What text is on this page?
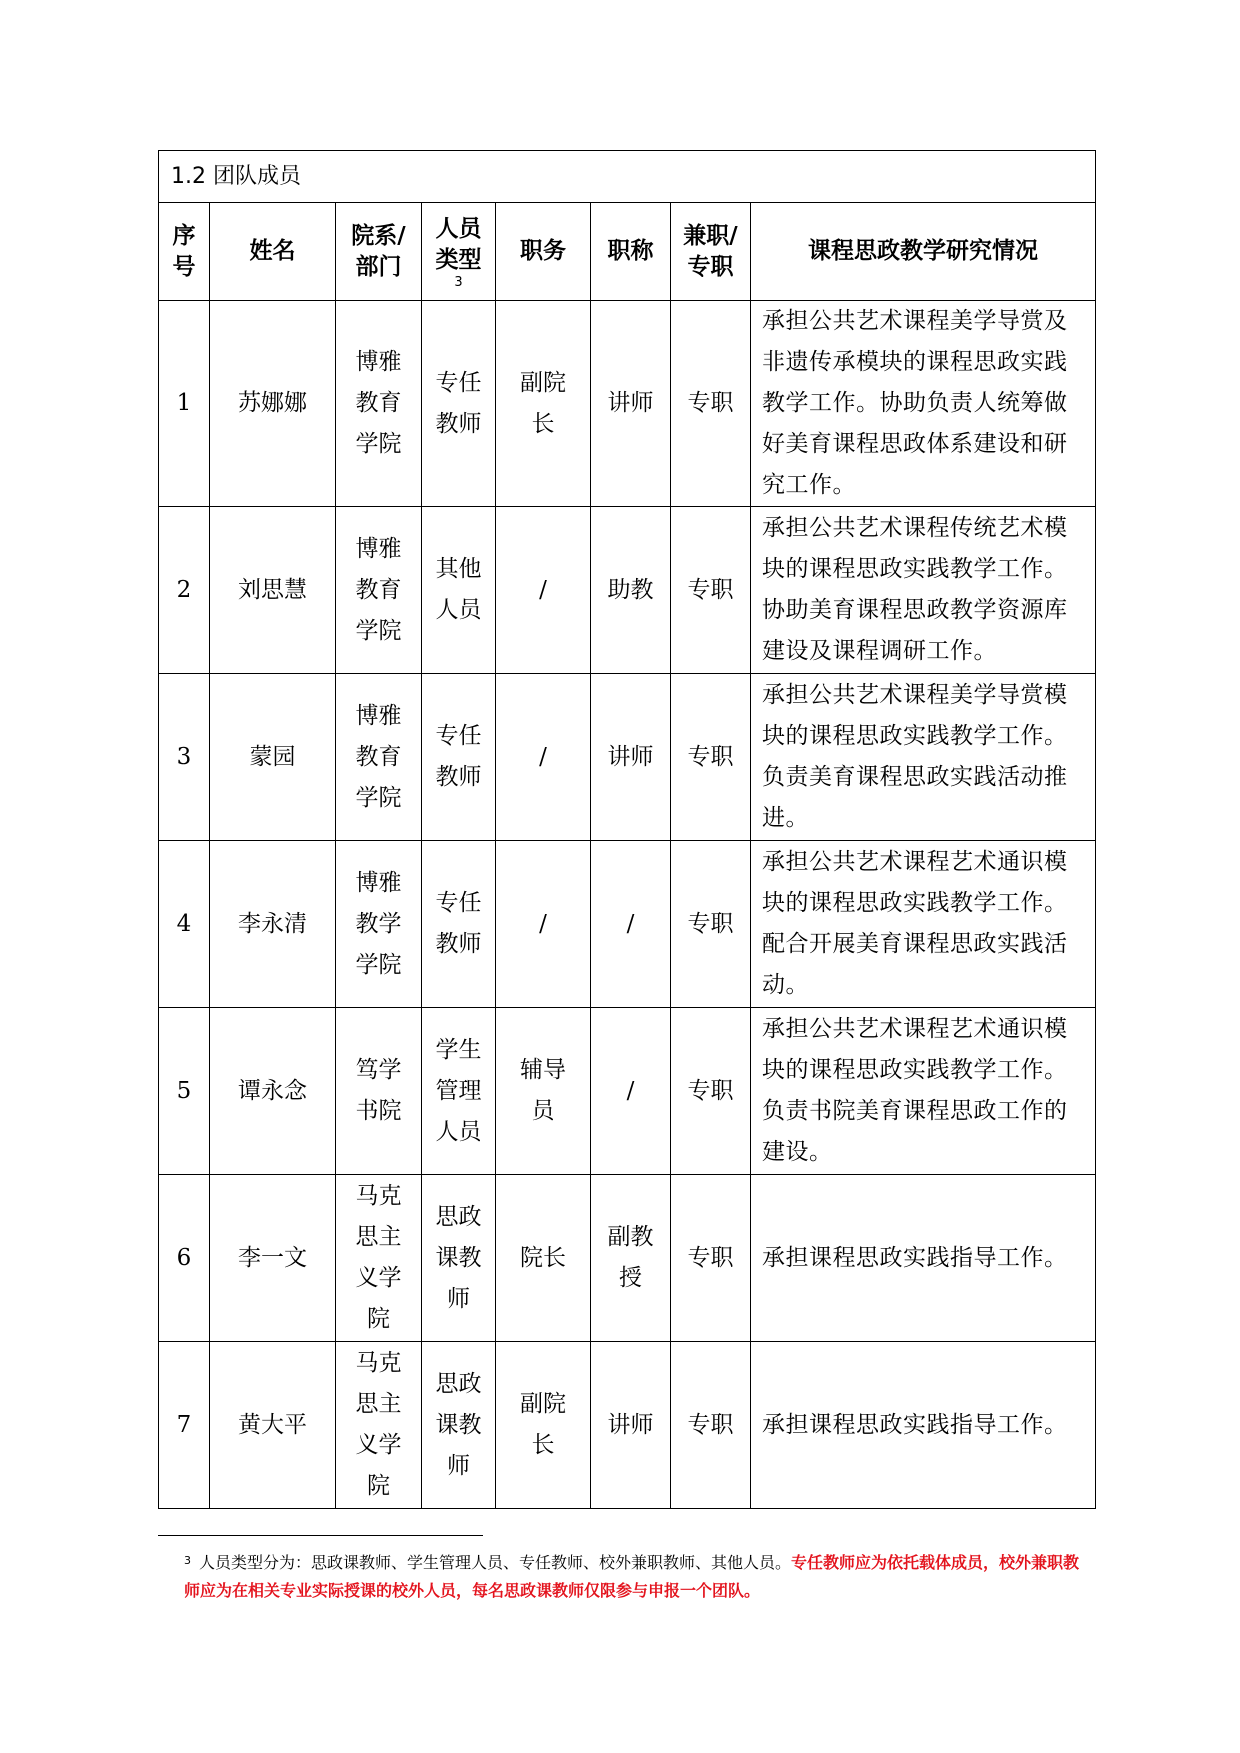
1.2 团队成员							
序
号	姓名	院系/
部门	人员
类型
3	职务	职称	兼职/
专职	课程思政教学研究情况
1	苏娜娜	博雅
教育
学院	专任
教师	副院
长	讲师	专职	承担公共艺术课程美学导赏及非遗传承模块的课程思政实践教学工作。协助负责人统筹做好美育课程思政体系建设和研究工作。
2	刘思慧	博雅
教育
学院	其他
人员	/	助教	专职	承担公共艺术课程传统艺术模块的课程思政实践教学工作。协助美育课程思政教学资源库建设及课程调研工作。
3	蒙园	博雅
教育
学院	专任
教师	/	讲师	专职	承担公共艺术课程美学导赏模块的课程思政实践教学工作。负责美育课程思政实践活动推进。
4	李永清	博雅
教学
学院	专任
教师	/	/	专职	承担公共艺术课程艺术通识模块的课程思政实践教学工作。配合开展美育课程思政实践活动。
5	谭永念	笃学
书院	学生
管理
人员	辅导
员	/	专职	承担公共艺术课程艺术通识模块的课程思政实践教学工作。负责书院美育课程思政工作的建设。
6	李一文	马克
思主
义学
院	思政
课教
师	院长	副教
授	专职	承担课程思政实践指导工作。
7	黄大平	马克
思主
义学
院	思政
课教
师	副院
长	讲师	专职	承担课程思政实践指导工作。
$^3$ 人员类型分为：思政课教师、学生管理人员、专任教师、校外兼职教师、其他人员。专任教师应为依托载体成员，校外兼职教师应为在相关专业实际授课的校外人员，每名思政课教师仅限参与申报一个团队。
